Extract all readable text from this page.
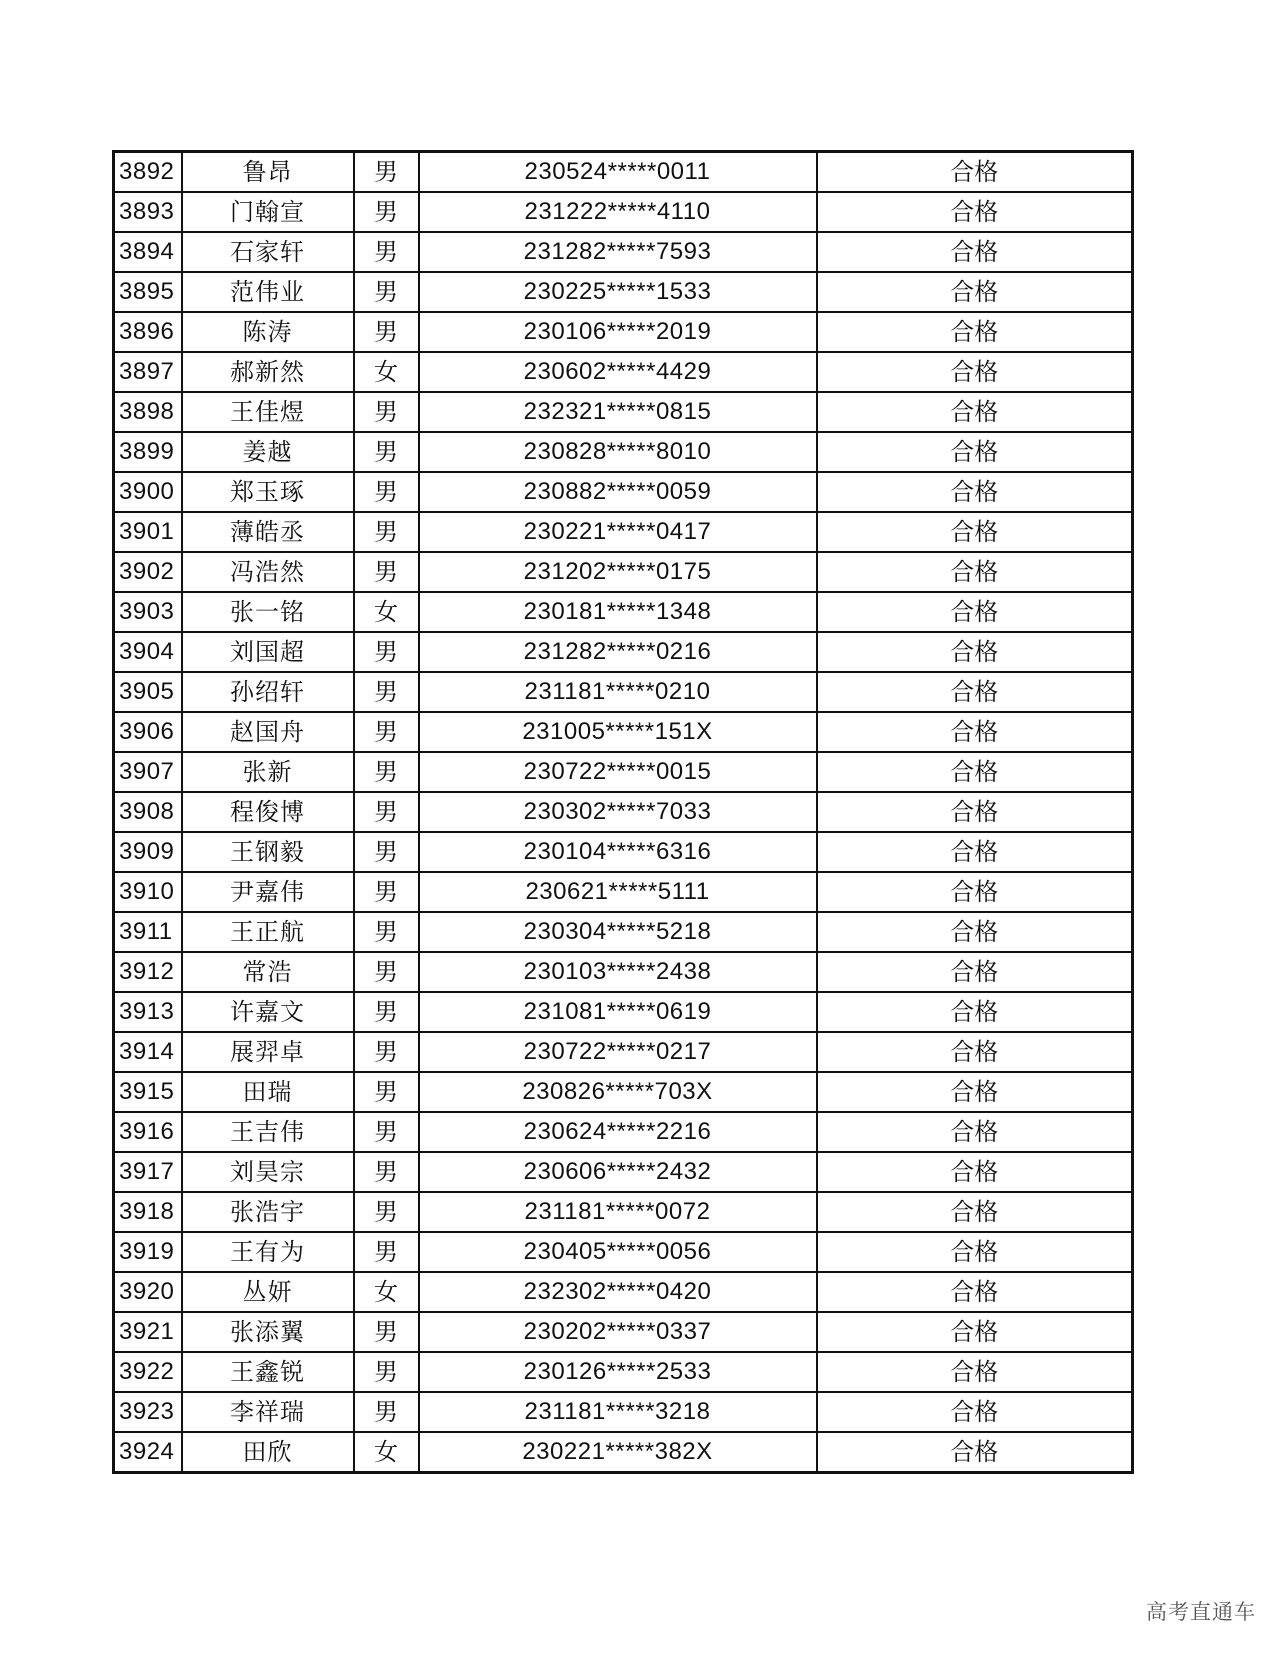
3892	鲁昂	男	230524*****0011	合格
3893	门翰宣	男	231222*****4110	合格
3894	石家轩	男	231282*****7593	合格
3895	范伟业	男	230225*****1533	合格
3896	陈涛	男	230106*****2019	合格
3897	郝新然	女	230602*****4429	合格
3898	王佳煜	男	232321*****0815	合格
3899	姜越	男	230828*****8010	合格
3900	郑玉琢	男	230882*****0059	合格
3901	薄皓丞	男	230221*****0417	合格
3902	冯浩然	男	231202*****0175	合格
3903	张一铭	女	230181*****1348	合格
3904	刘国超	男	231282*****0216	合格
3905	孙绍轩	男	231181*****0210	合格
3906	赵国舟	男	231005*****151X	合格
3907	张新	男	230722*****0015	合格
3908	程俊博	男	230302*****7033	合格
3909	王钢毅	男	230104*****6316	合格
3910	尹嘉伟	男	230621*****5111	合格
3911	王正航	男	230304*****5218	合格
3912	常浩	男	230103*****2438	合格
3913	许嘉文	男	231081*****0619	合格
3914	展羿卓	男	230722*****0217	合格
3915	田瑞	男	230826*****703X	合格
3916	王吉伟	男	230624*****2216	合格
3917	刘昊宗	男	230606*****2432	合格
3918	张浩宇	男	231181*****0072	合格
3919	王有为	男	230405*****0056	合格
3920	丛妍	女	232302*****0420	合格
3921	张添翼	男	230202*****0337	合格
3922	王鑫锐	男	230126*****2533	合格
3923	李祥瑞	男	231181*****3218	合格
3924	田欣	女	230221*****382X	合格
高考直通车
